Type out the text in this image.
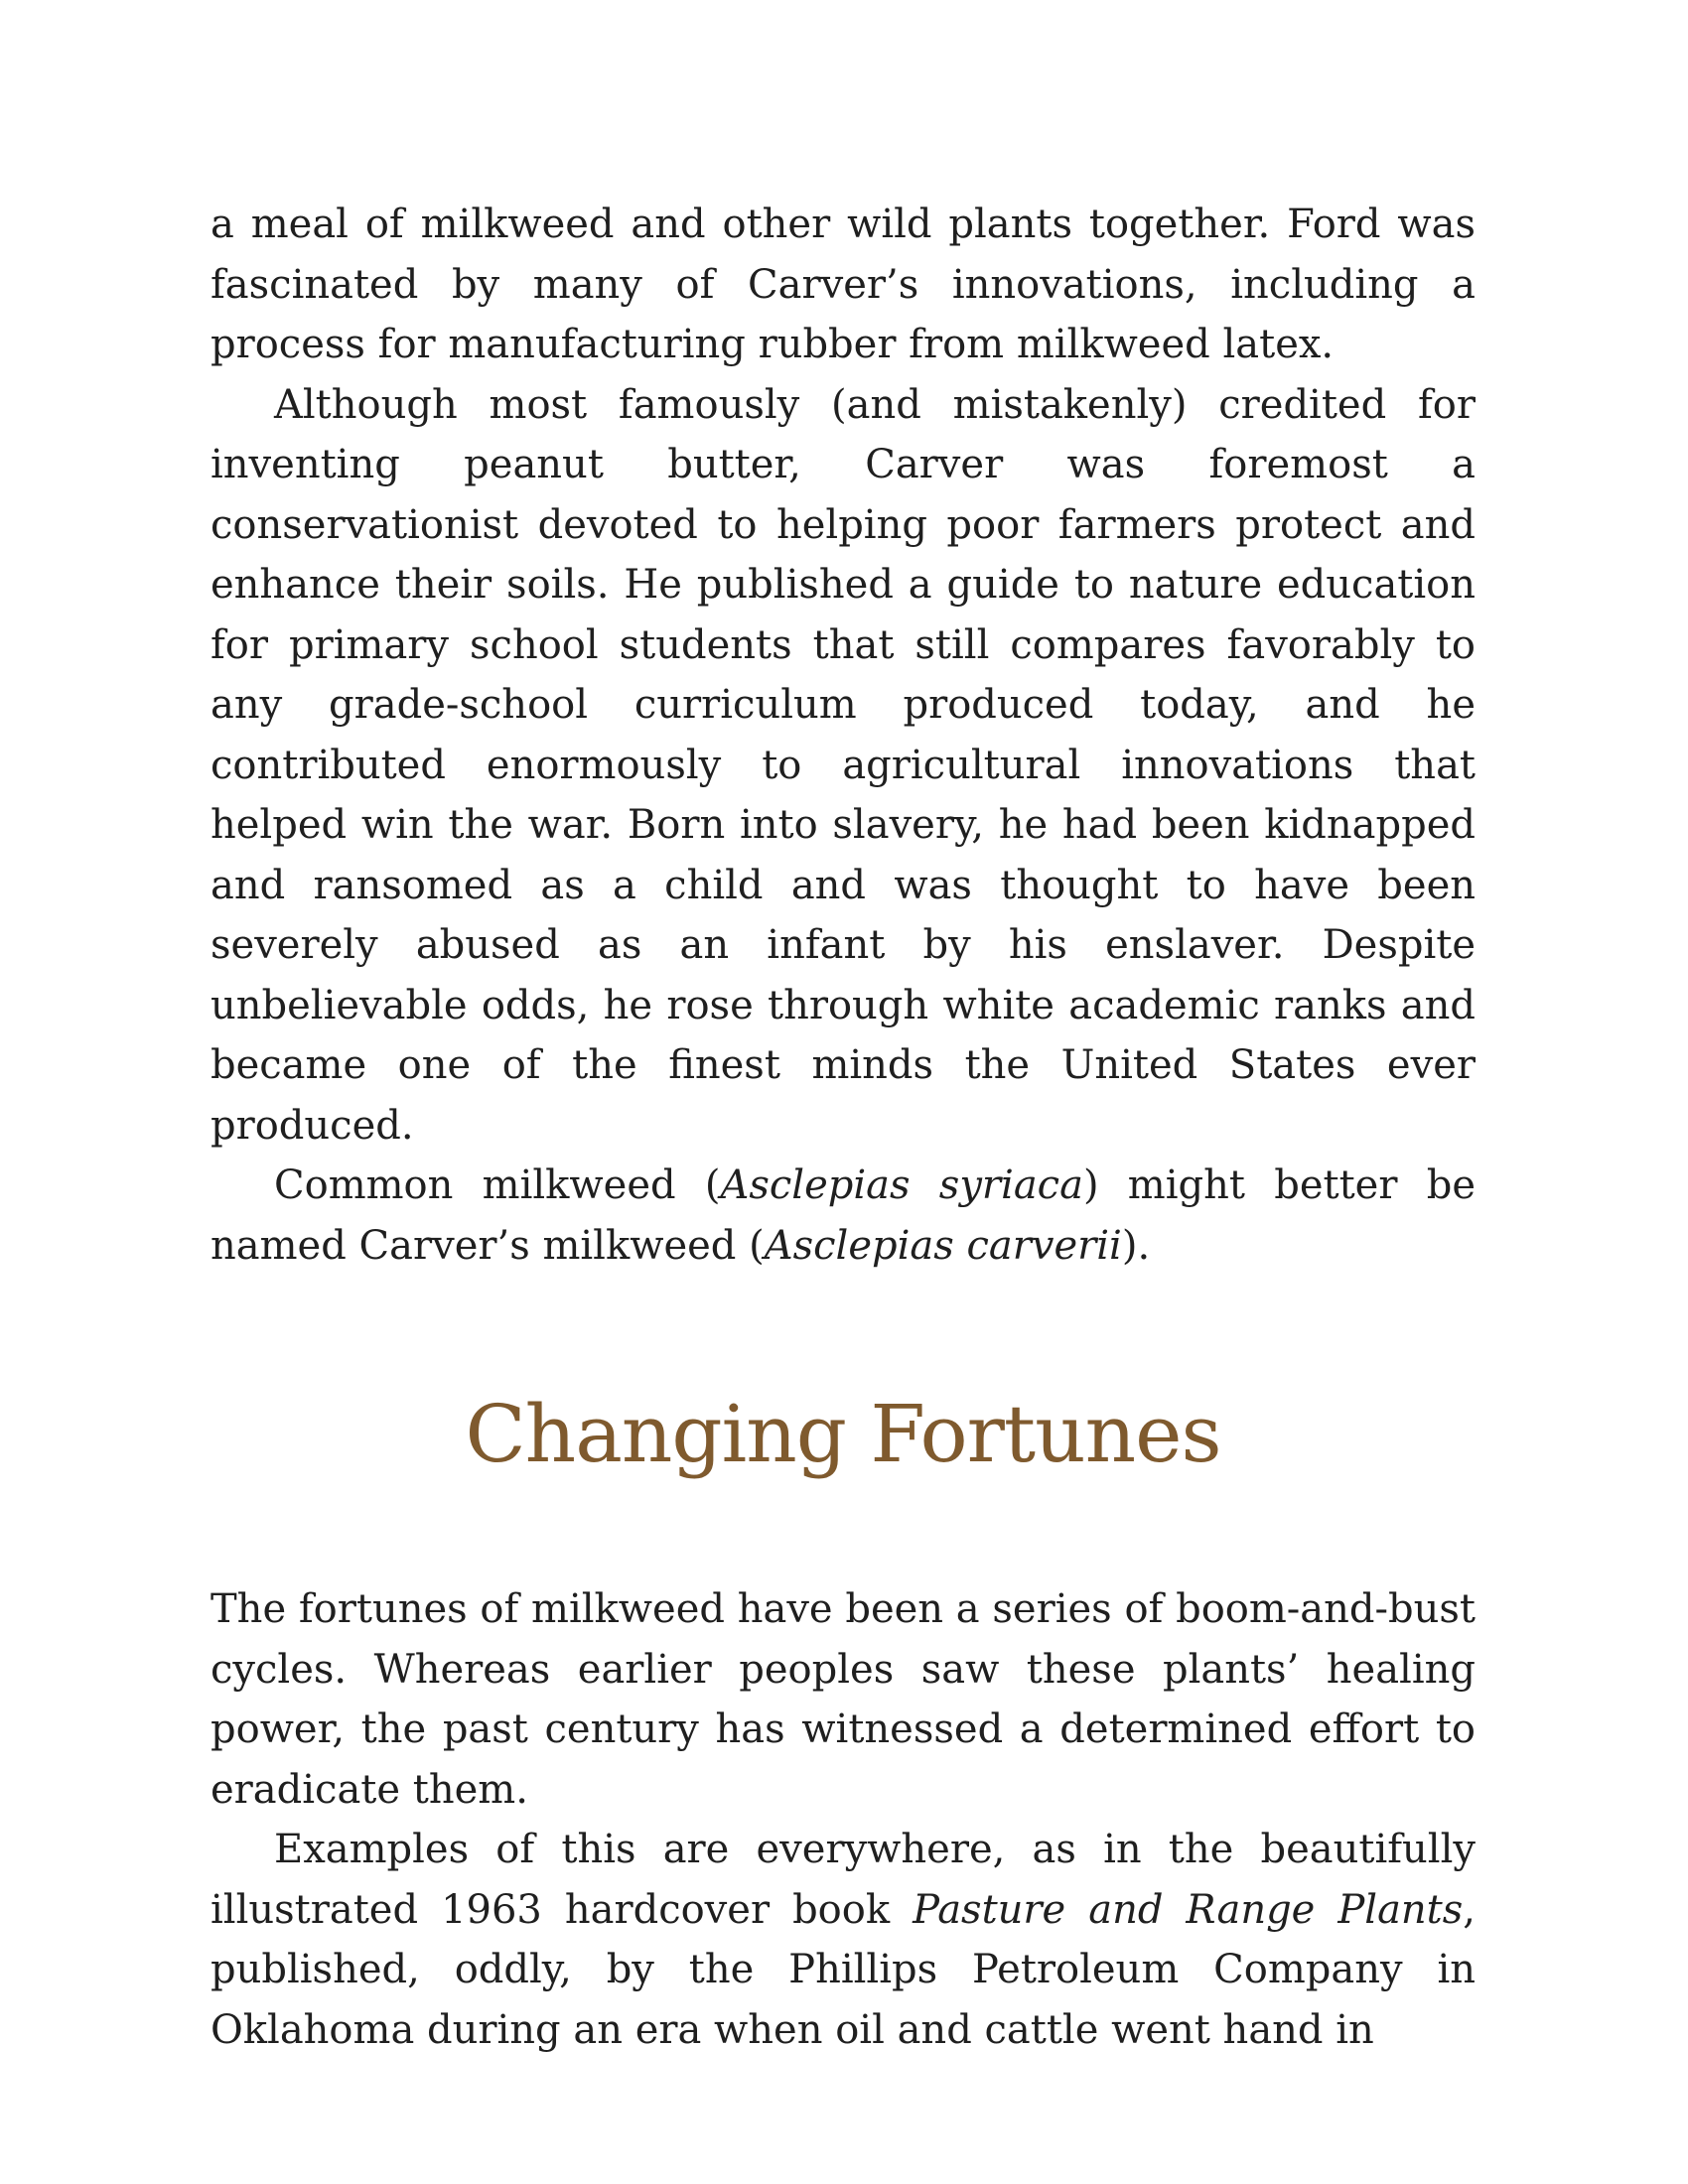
a meal of milkweed and other wild plants together. Ford was fascinated by many of Carver’s innovations, including a process for manufacturing rubber from milkweed latex.

Although most famously (and mistakenly) credited for inventing peanut butter, Carver was foremost a conservationist devoted to helping poor farmers protect and enhance their soils. He published a guide to nature education for primary school students that still compares favorably to any grade-school curriculum produced today, and he contributed enormously to agricultural innovations that helped win the war. Born into slavery, he had been kidnapped and ransomed as a child and was thought to have been severely abused as an infant by his enslaver. Despite unbelievable odds, he rose through white academic ranks and became one of the finest minds the United States ever produced.

Common milkweed (Asclepias syriaca) might better be named Carver’s milkweed (Asclepias carverii).

Changing Fortunes

The fortunes of milkweed have been a series of boom-and-bust cycles. Whereas earlier peoples saw these plants’ healing power, the past century has witnessed a determined effort to eradicate them.

Examples of this are everywhere, as in the beautifully illustrated 1963 hardcover book Pasture and Range Plants, published, oddly, by the Phillips Petroleum Company in Oklahoma during an era when oil and cattle went hand in
